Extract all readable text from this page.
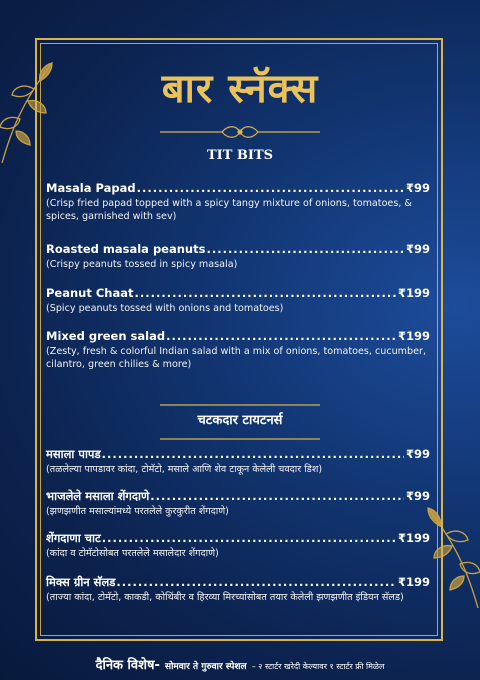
बार स्नॅक्स
TIT BITS
Masala Papad .....	₹99
(Crisp fried papad topped with a spicy tangy mixture of onions, tomatoes, & spices, garnished with sev)
Roasted masala peanuts .....	₹99
(Crispy peanuts tossed in spicy masala)
Peanut Chaat .....	₹199
(Spicy peanuts tossed with onions and tomatoes)
Mixed green salad .....	₹199
(Zesty, fresh & colorful Indian salad with a mix of onions, tomatoes, cucumber, cilantro, green chilies & more)
चटकदार टायटनर्स
मसाला पापड .....	₹99
(तळलेल्या पापडावर कांदा, टोमॅटो, मसाले आणि शेव टाकून केलेली चवदार डिश)
भाजलेले मसाला शेंगदाणे .....	₹99
(झणझणीत मसाल्यांमध्ये परतलेले कुरकुरीत शेंगदाणे)
शेंगदाणा चाट .....	₹199
(कांदा व टोमॅटोसोबत परतलेले मसालेदार शेंगदाणे)
मिक्स ग्रीन सॅलड .....	₹199
(ताज्या कांदा, टोमॅटो, काकडी, कोथिंबीर व हिरव्या मिरच्यांसोबत तयार केलेली झणझणीत इंडियन सॅलड)
दैनिक विशेष- सोमवार ते गुरुवार स्पेशल – २ स्टार्टर खरेदी केल्यावर १ स्टार्टर फ्री मिळेल
